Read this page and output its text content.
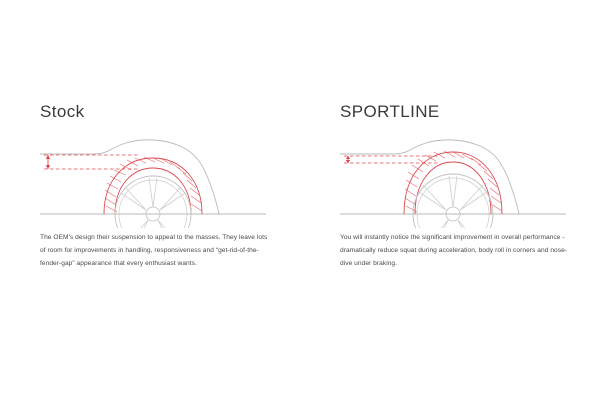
Stock

The OEM's design their suspension to appeal to the masses. They leave lots of room for improvements in handling, responsiveness and “get-rid-of-the-fender-gap” appearance that every enthusiast wants.

SPORTLINE

You will instantly notice the significant improvement in overall performance - dramatically reduce squat during acceleration, body roll in corners and nose-dive under braking.
